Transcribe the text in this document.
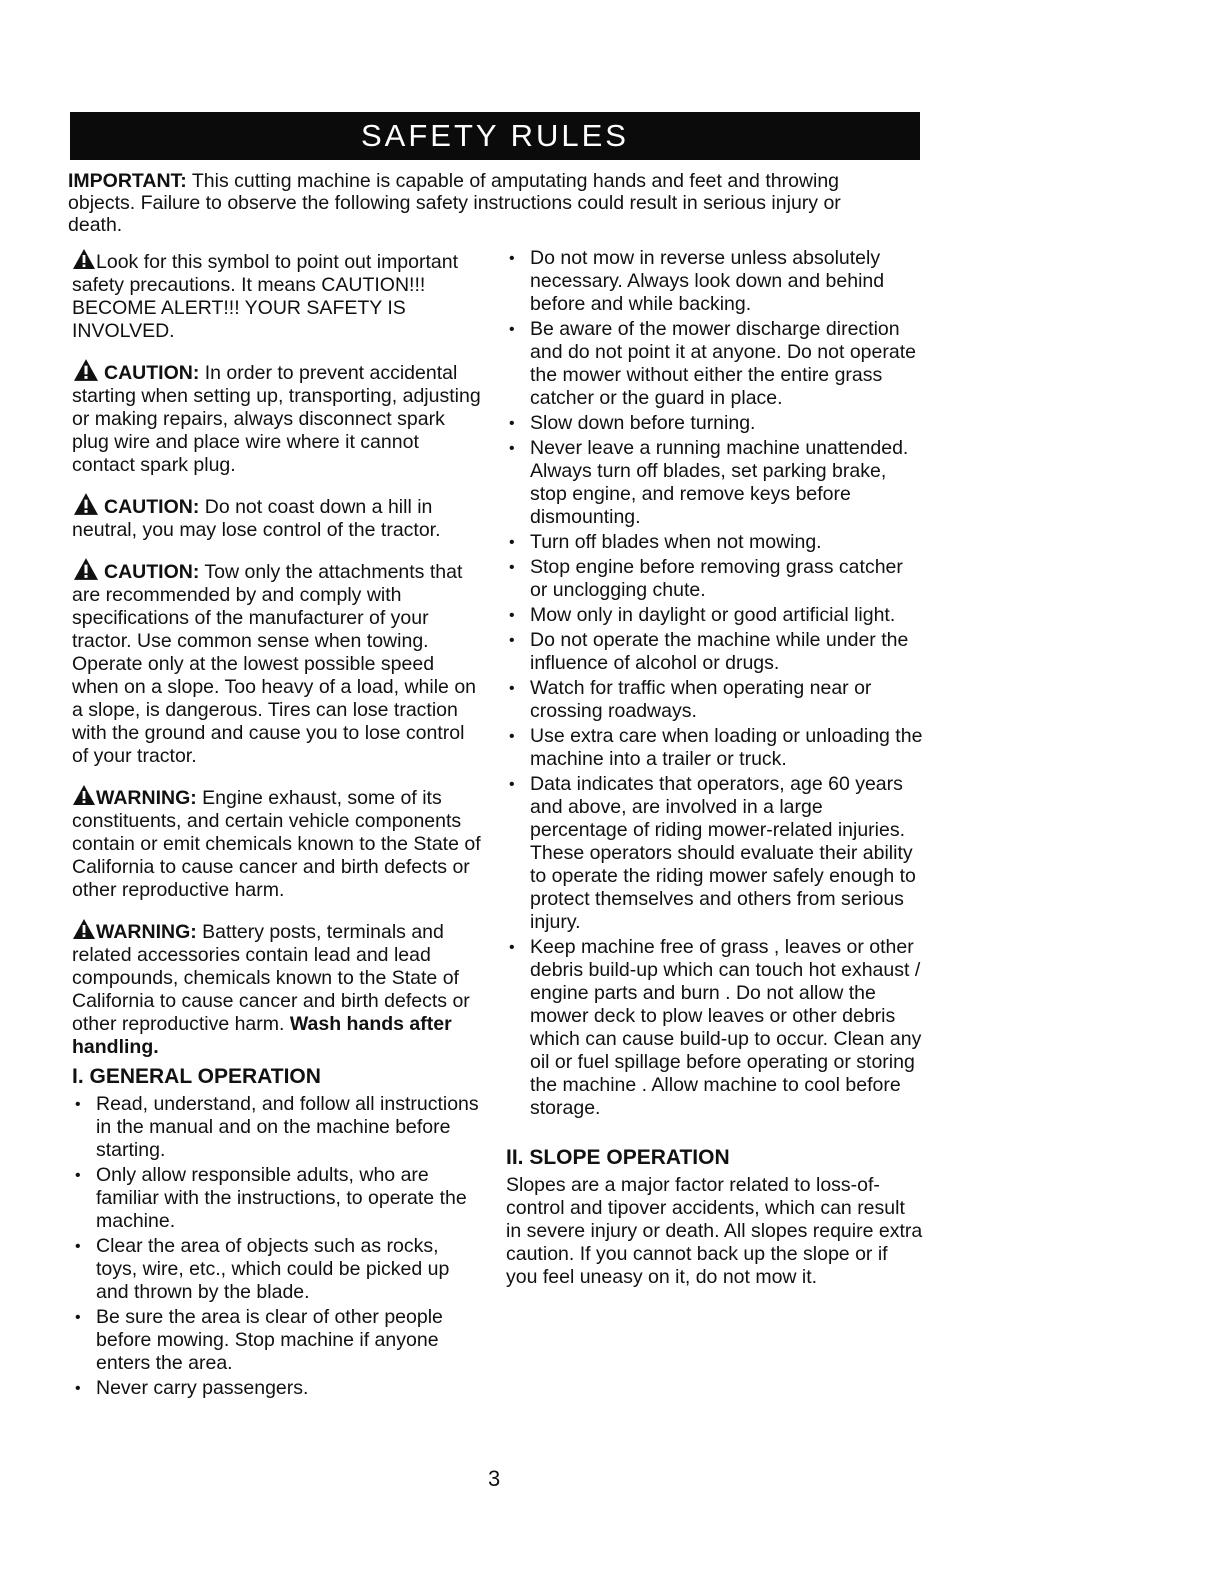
SAFETY RULES
IMPORTANT: This cutting machine is capable of amputating hands and feet and throwing objects. Failure to observe the following safety instructions could result in serious injury or death.

Look for this symbol to point out important safety precautions. It means CAUTION!!! BECOME ALERT!!! YOUR SAFETY IS INVOLVED.

CAUTION: In order to prevent accidental starting when setting up, transporting, adjusting or making repairs, always disconnect spark plug wire and place wire where it cannot contact spark plug.

CAUTION: Do not coast down a hill in neutral, you may lose control of the tractor.

CAUTION: Tow only the attachments that are recommended by and comply with specifications of the manufacturer of your tractor. Use common sense when towing. Operate only at the lowest possible speed when on a slope. Too heavy of a load, while on a slope, is dangerous. Tires can lose traction with the ground and cause you to lose control of your tractor.

WARNING: Engine exhaust, some of its constituents, and certain vehicle components contain or emit chemicals known to the State of California to cause cancer and birth defects or other reproductive harm.

WARNING: Battery posts, terminals and related accessories contain lead and lead compounds, chemicals known to the State of California to cause cancer and birth defects or other reproductive harm. Wash hands after handling.

I. GENERAL OPERATION
• Read, understand, and follow all instructions in the manual and on the machine before starting.
• Only allow responsible adults, who are familiar with the instructions, to operate the machine.
• Clear the area of objects such as rocks, toys, wire, etc., which could be picked up and thrown by the blade.
• Be sure the area is clear of other people before mowing. Stop machine if anyone enters the area.
• Never carry passengers.
• Do not mow in reverse unless absolutely necessary. Always look down and behind before and while backing.
• Be aware of the mower discharge direction and do not point it at anyone. Do not operate the mower without either the entire grass catcher or the guard in place.
• Slow down before turning.
• Never leave a running machine unattended. Always turn off blades, set parking brake, stop engine, and remove keys before dismounting.
• Turn off blades when not mowing.
• Stop engine before removing grass catcher or unclogging chute.
• Mow only in daylight or good artificial light.
• Do not operate the machine while under the influence of alcohol or drugs.
• Watch for traffic when operating near or crossing roadways.
• Use extra care when loading or unloading the machine into a trailer or truck.
• Data indicates that operators, age 60 years and above, are involved in a large percentage of riding mower-related injuries. These operators should evaluate their ability to operate the riding mower safely enough to protect themselves and others from serious injury.
• Keep machine free of grass , leaves or other debris build-up which can touch hot exhaust / engine parts and burn . Do not allow the mower deck to plow leaves or other debris which can cause build-up to occur. Clean any oil or fuel spillage before operating or storing the machine . Allow machine to cool before storage.
II. SLOPE OPERATION

Slopes are a major factor related to loss-of-control and tipover accidents, which can result in severe injury or death. All slopes require extra caution. If you cannot back up the slope or if you feel uneasy on it, do not mow it.

3
